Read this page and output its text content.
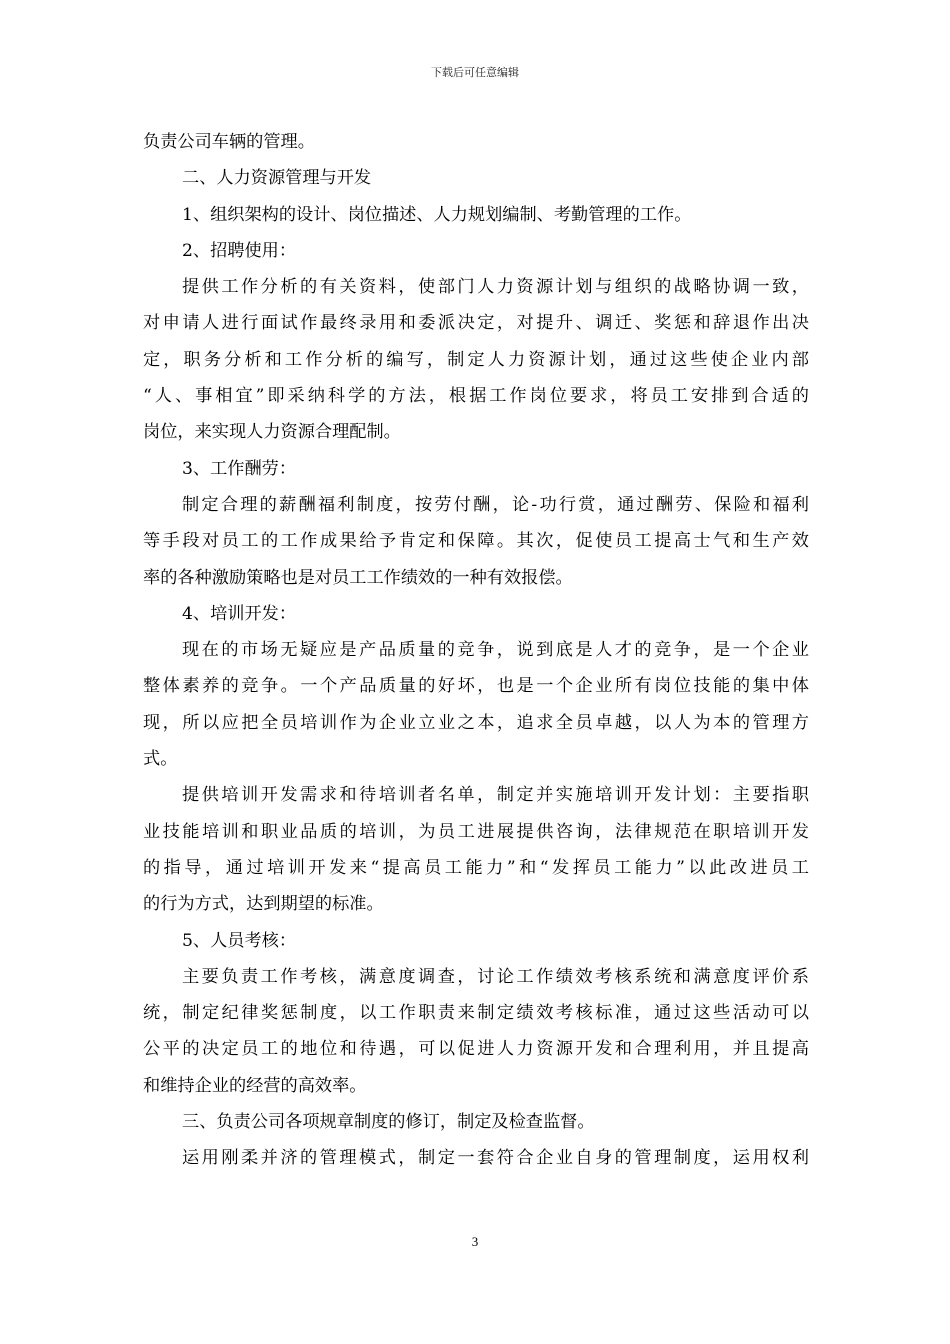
下载后可任意编辑
负责公司车辆的管理。
二、人力资源管理与开发
1、组织架构的设计、岗位描述、人力规划编制、考勤管理的工作。
2、招聘使用：
提供工作分析的有关资料，使部门人力资源计划与组织的战略协调一致，
对申请人进行面试作最终录用和委派决定，对提升、调迁、奖惩和辞退作出决
定，职务分析和工作分析的编写，制定人力资源计划，通过这些使企业内部
“人、事相宜”即采纳科学的方法，根据工作岗位要求，将员工安排到合适的
岗位，来实现人力资源合理配制。
3、工作酬劳：
制定合理的薪酬福利制度，按劳付酬，论-功行赏，通过酬劳、保险和福利
等手段对员工的工作成果给予肯定和保障。其次，促使员工提高士气和生产效
率的各种激励策略也是对员工工作绩效的一种有效报偿。
4、培训开发：
现在的市场无疑应是产品质量的竞争，说到底是人才的竞争，是一个企业
整体素养的竞争。一个产品质量的好坏，也是一个企业所有岗位技能的集中体
现，所以应把全员培训作为企业立业之本，追求全员卓越，以人为本的管理方
式。
提供培训开发需求和待培训者名单，制定并实施培训开发计划：主要指职
业技能培训和职业品质的培训，为员工进展提供咨询，法律规范在职培训开发
的指导，通过培训开发来“提高员工能力”和“发挥员工能力”以此改进员工
的行为方式，达到期望的标准。
5、人员考核：
主要负责工作考核，满意度调查，讨论工作绩效考核系统和满意度评价系
统，制定纪律奖惩制度，以工作职责来制定绩效考核标准，通过这些活动可以
公平的决定员工的地位和待遇，可以促进人力资源开发和合理利用，并且提高
和维持企业的经营的高效率。
三、负责公司各项规章制度的修订，制定及检查监督。
运用刚柔并济的管理模式，制定一套符合企业自身的管理制度，运用权利
3
